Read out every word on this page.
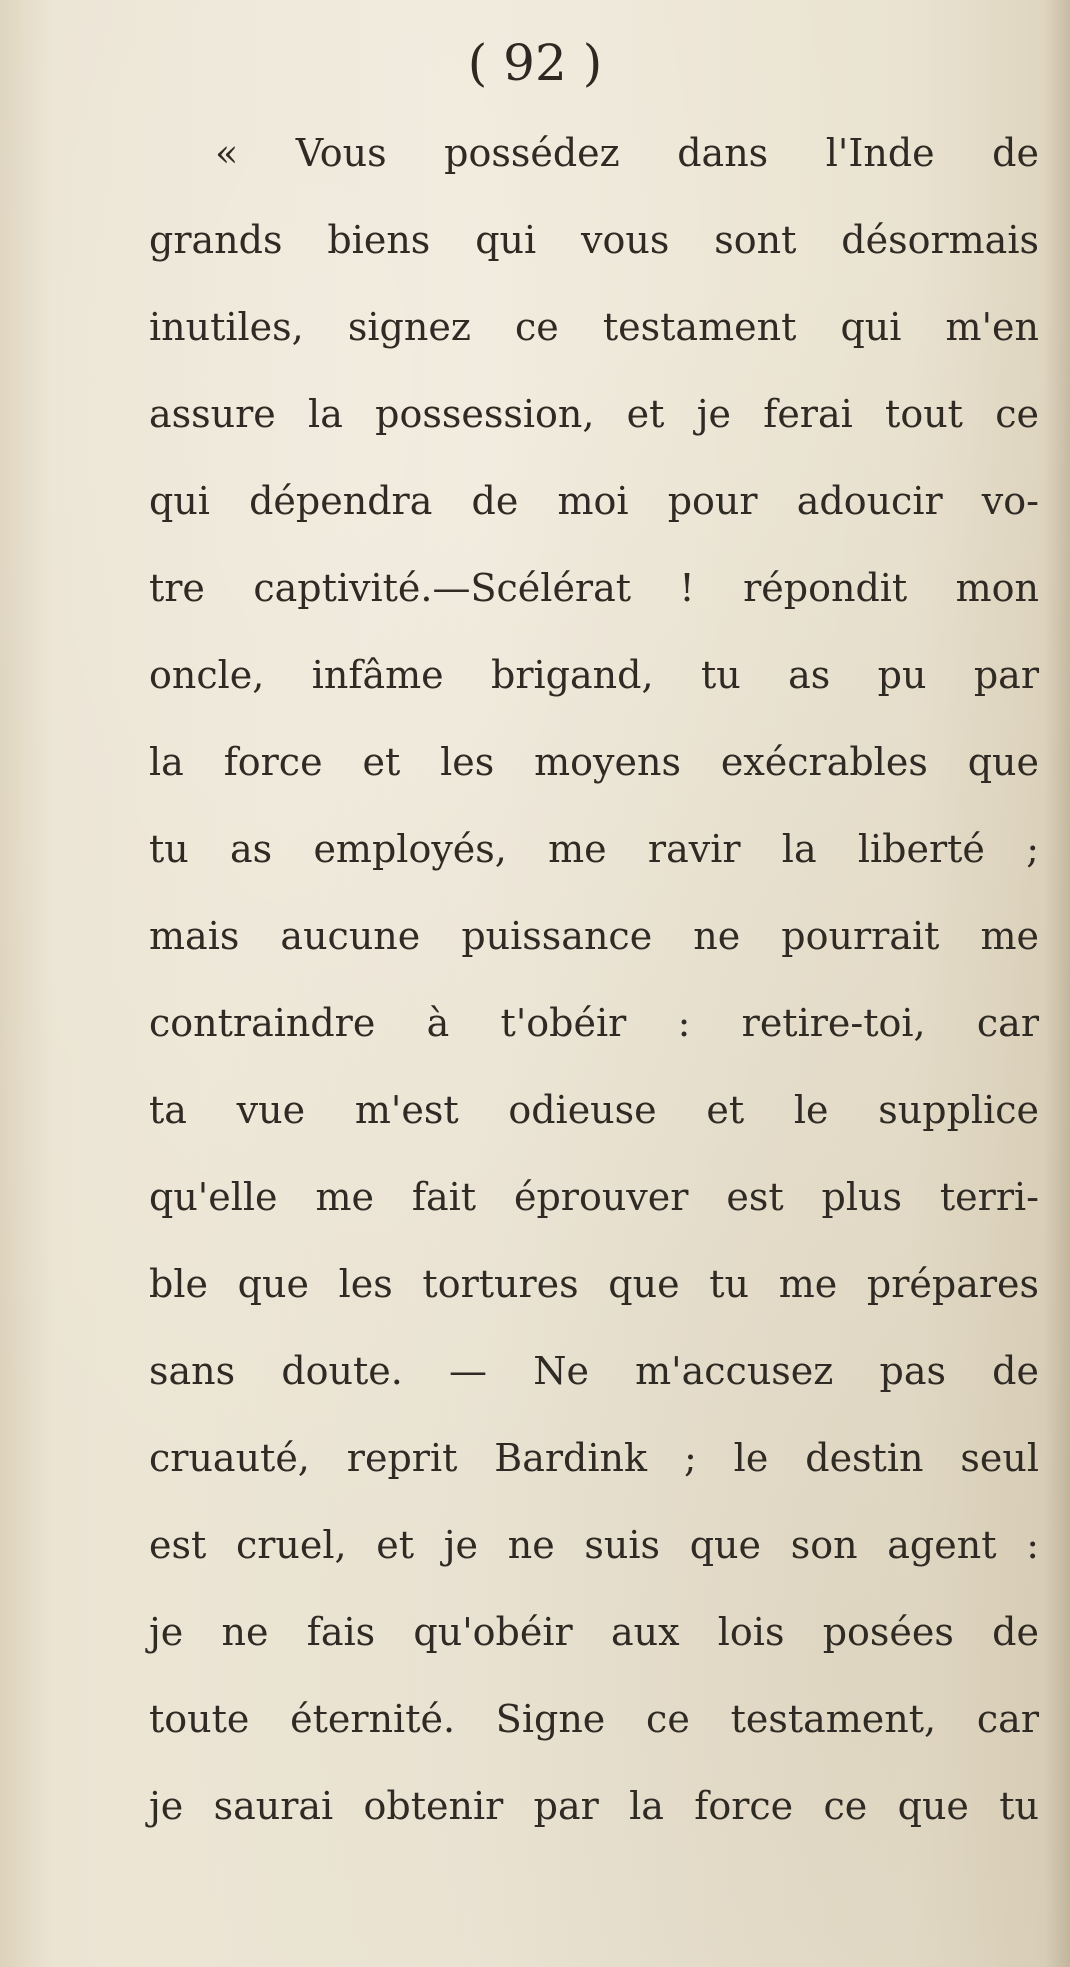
( 92 )
« Vous possédez dans l'Inde de
grands biens qui vous sont désormais
inutiles, signez ce testament qui m'en
assure la possession, et je ferai tout ce
qui dépendra de moi pour adoucir vo-
tre captivité.—Scélérat ! répondit mon
oncle, infâme brigand, tu as pu par
la force et les moyens exécrables que
tu as employés, me ravir la liberté ;
mais aucune puissance ne pourrait me
contraindre à t'obéir : retire-toi, car
ta vue m'est odieuse et le supplice
qu'elle me fait éprouver est plus terri-
ble que les tortures que tu me prépares
sans doute. — Ne m'accusez pas de
cruauté, reprit Bardink ; le destin seul
est cruel, et je ne suis que son agent :
je ne fais qu'obéir aux lois posées de
toute éternité. Signe ce testament, car
je saurai obtenir par la force ce que tu
